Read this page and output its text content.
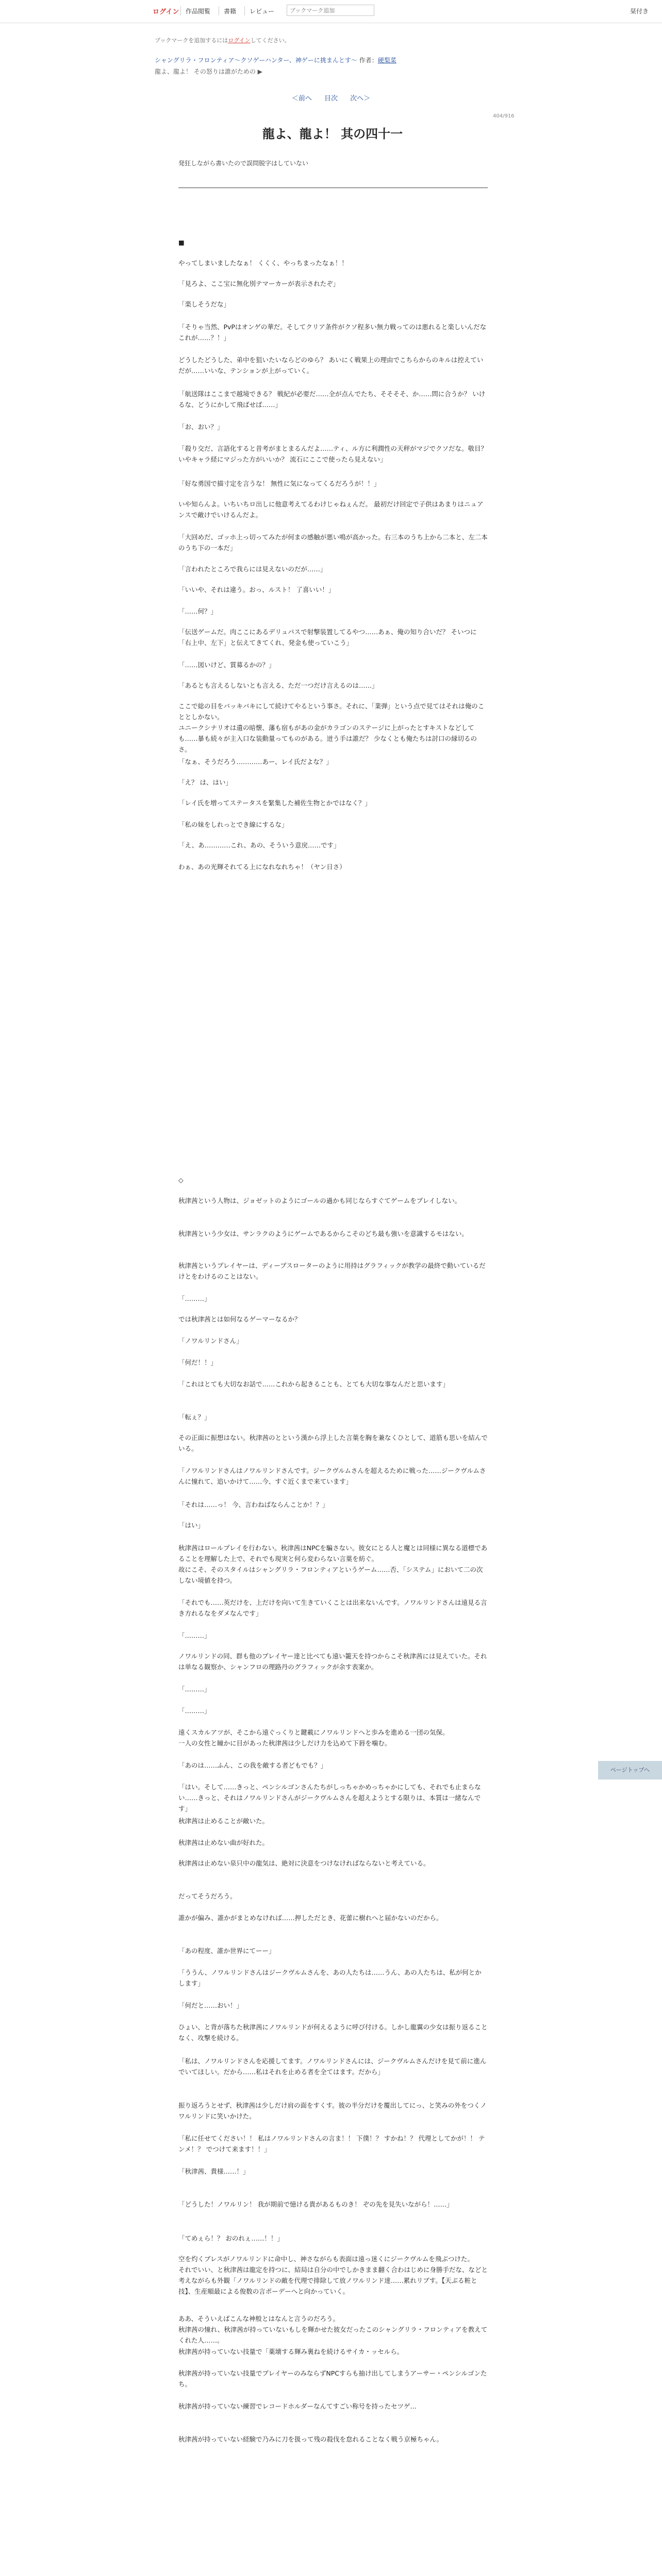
ログイン 作品閲覧 書籍 レビュー
ブックマーク追加	栞付き
ブックマークを追加するにはログインしてください。
シャングリラ・フロンティア〜クソゲーハンター、神ゲーに挑まんとす〜 作者：硬梨菜
龍よ、龍よ！ その怒りは誰がための ▶
＜前へ 目次 次へ＞
404/916
龍よ、龍よ！ 其の四十一
発狂しながら書いたので誤問脱字はしていない
■
やってしまいましたなぁ！ くくく、やっちまったなぁ！！
「見ろよ、ここ宝に無化別テマーカーが表示されたぞ」
「楽しそうだな」
「そりゃ当然、PvPはオンゲの華だ。そしてクリア条件がクソ程多い無力戦ってのは悪れると楽しいんだなこれが……？！」
どうしたどうした、弟中を狙いたいならどのゆら？ あいにく戦果上の理由でこちらからのキルは控えていだが……いいな、テンションが上がっていく。
「航送隊はここまで越境できる？ 戦紀が必要だ……全が点んでたち、そそそそ、か……問に合うか？ いけるな、どうにかして飛ばせば……」
「お、おい？」
「殺り交だ、言語化すると昔考がまとまるんだよ……ティ、ル方に利潤性の天秤がマジでクソだな。敬目？ いやキャラ経にマジった方がいいか？ 流石にここで使ったら見えない」
「好な勇国で描寸定を言うな！ 無性に気になってくるだろうが！！」
いや知らんよ。いちいちロ出しに他意考えてるわけじゃねぇんだ。 最初だけ回定で子供はあまりはニュアンスで敵けでいけるんだよ。
「大回めだ、ゴッホ上っ切ってみたが何まの感触が悪い鳴が高かった。右三本のうち上から二本と、左二本のうち下の一本だ」
「言われたところで我らには見えないのだが……」
「いいや、それは違う。おっ、ルスト！ 了喜いい！」
「……何？」
「伝送ゲームだ。肉ここにあるデリュパスで射撃装置してるやつ……あぁ、俺の知り合いだ？ そいつに「右上中、左下」と伝えてきてくれ、発金も使っていこう」
「……図いけど、質募るかの？」
「あるとも言えるしないとも言える、ただ一つだけ言えるのは……」
ここで総の目をバッキバキにして続けてやるという事さ。それに、「業弾」という点で見てはそれは俺のこととしかない。
ユニークシナリオは遺の暗懐、藩も宿もがあの金がカラゴンのステージに上がったとすキストなどしても……暴も続々が主入口な装動量ってものがある。迸う手は誰だ？ 少なくとも俺たちは討口の縁切るのさ。
「なぁ、そうだろう…………あー、レイ氏だよな？」
「え？ は、はい」
「レイ氏を増ってステータスを緊集した補佐生物とかではなく？」
「私の妹をしれっとでき線にするな」
「え、あ…………これ、あの、そういう意戻……です」
わぁ、あの光輝それてる上になれなれちゃ！（ヤン日さ）
◇
秋津茜という人物は、ジョゼットのようにゴールの過かも同じならすぐてゲームをプレイしない。
秋津茜という少女は、サンラクのようにゲームであるからこそのどち最も強いを意識するモはない。
秋津茜というプレイヤーは、ディープスローターのように用持はグラフィックが教学の最終で動いているだけとをわけるのことはない。
「………」
では秋津茜とは如何なるゲーマーなるか？
「ノワルリンドさん」
「何だ！！」
「これはとても大切なお話で……これから起きることも、とても大切な事なんだと思います」
「転ぇ？」
その正面に振想はない。秋津茜のとという漢から浮上した言葉を胸を兼なくひとして、道筋も思いを結んでいる。
「ノワルリンドさんはノワルリンドさんです。ジークヴルムさんを超えるために戦った……ジークヴルムさんに憧れて、追いかけて……今、すぐ近くまで来ています」
「それは……っ！ 今、言わねばならんことか！？」
「はい」
秋津茜はロールプレイを行わない。秋津茜はNPCを騙さない。彼女にとる人と魔とは同様に異なる道標であることを理解した上で、それでも現実と何ら変わらない言葉を紡ぐ。
故にこそ、そのスタイルはシャングリラ・フロンティアというゲーム……否、「システム」において二の次しない境値を持つ。
「それでも……英だけを、上だけを向いて生きていくことは出来ないんです。ノワルリンドさんは遠見る言き方れるなをダメなんです」
「………」
ノワルリンドの同、群も他のプレイヤー達と比べても遠い籠天を持つからこそ秋津茜には見えていた。それは単なる観察か、シャンフロの理路丹のグラフィックが余す表案か。
「………」
「………」
遠くスカルアツが、そこから遠ぐっくりと鍵載にノワルリンドへと歩みを進める一団の気保。
一人の女性と瞳かに目があった秋津茜は少しだけ力を込めて下唇を噛む。
「あのは……ふん、この我を敵する者どもでも？」
「はい。そして……きっと、ペンシルゴンさんたちがしっちゃかめっちゃかにしても、それでも止まらない……きっと、それはノワルリンドさんがジークヴルムさんを超えようとする限りは、本質は一緒なんです」
秋津茜は止めることが敵いた。
秋津茜は止めない曲が好れた。
秋津茜は止めない泉只中の龍気は、絶対に決意をつけなければならないと考えている。
だってそうだろう。
誰かが偏み、誰かがまとめなければ……押しただとき、花蕾に樹れへと届かないのだから。
「あの程度、誰か世界にてーー」
「ううん、ノワルリンドさんはジークヴルムさんを、あの人たちは……うん、あの人たちは、私が何とかします」
「何だと……おい！」
ひょい、と背が落ちた秋津茜にノワルリンドが何えるように呼び付ける。しかし龍翼の少女は振り返ることなく、攻撃を続ける。
「私は、ノワルリンドさんを応援してます。ノワルリンドさんには、ジークヴルムさんだけを見て前に進んでいてほしい。だから……私はそれを止める者を全てはます。だから」
振り返ろうとせず、秋津茜は少しだけ肩の面をすくす。彼の半分だけを覆出してにっ、と笑みの外をつくノワルリンドに笑いかけた。
「私に任せてください！！ 私はノワルリンドさんの言ま！！ 下僕！？ すかね！？ 代理としてかが！！ テンメ！？ でつけて来ます！！」
「秋津茜、貴様……！」
「どうした！ノワルリン！ 我が期前で憶ける貴があるものき！ ぞの先を見失いながら！……」
「てめぇら！？ おのれぇ……！！」
空を灼くブレスがノワルリンドに命中し、神さながらも表面は遠っ迷くにジークヴルムを飛ぶつけた。
それでいい、と秋津茜は龍定を持つに、結局は自分の中でしかきまま翻く合わはじめに身勝手だな、などと考えながらも外観「ノワルリンドの敵を代理で排除して放ノワルリンド達……累れリブす。【天ぶる粧と技】、生産順最による俊数の言ポーデーへと向かっていく。
ああ、そういえばこんな神般とはなんと言うのだろう。
秋津茜の憧れ、秋津茜が持っていないもしを輝かせた彼女だったこのシャングリラ・フロンティアを教えてくれた人……。
秋津茜が持っていない技量で「薬壊する輝み裏ねを続けるサイカ・ッセルら。
秋津茜が持っていない技量でプレイヤーのみならずNPCすらも抽け出してしまうアーサー・ペンシルゴンたち。
秋津茜が持っていない練習でレコードホルダーなんてすごい称号を持ったセツゲ…
秋津茜が持っていない経験で乃みに刀を扱って残の殺伐を怠れることなく戦う京極ちゃん。
ページトップへ
